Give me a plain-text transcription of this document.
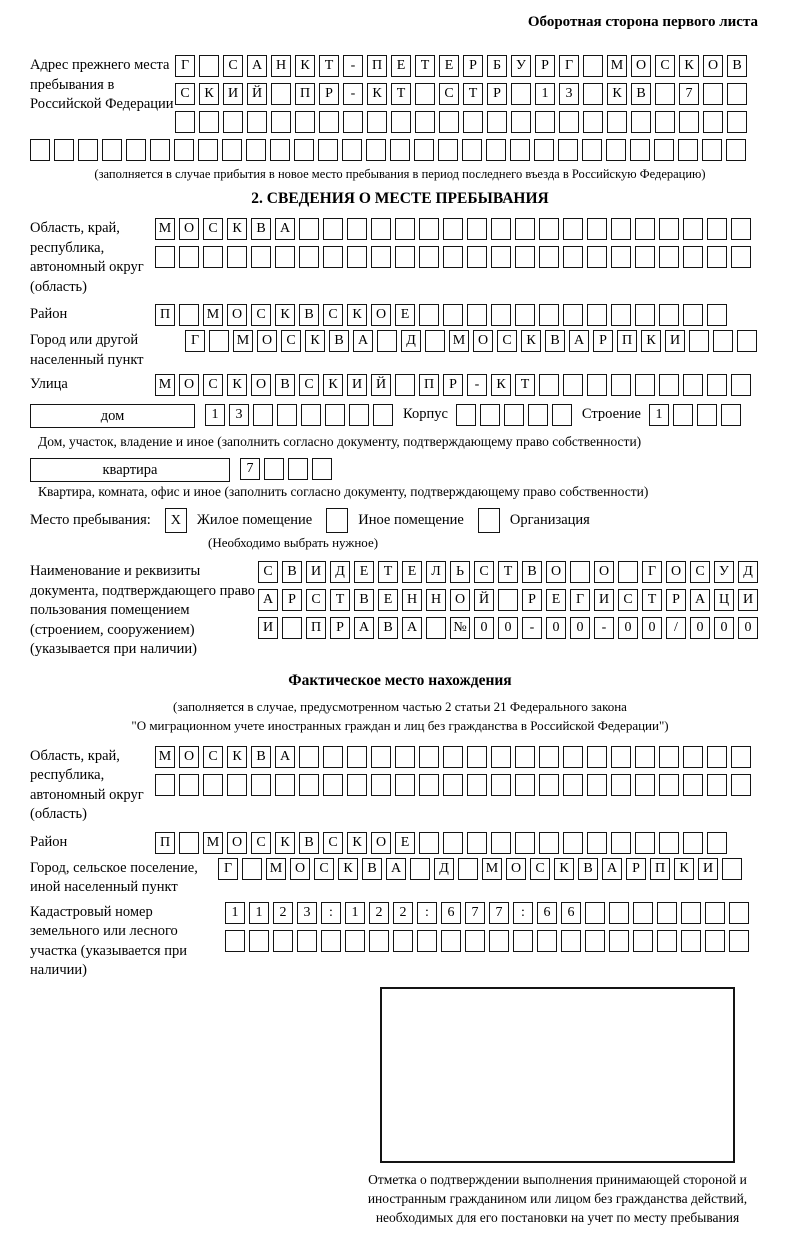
Оборотная сторона первого листа
Адрес прежнего места пребывания в Российской Федерации
Г	С	А Н	К	Т	-	П	Е	Т	Е	Р	Б	У	Р	Г	М О	С	К	О	В
С	К	И Й	П	Р	-	К	Т	С	Т	Р	1	3	К	В	7
(заполняется в случае прибытия в новое место пребывания в период последнего въезда в Российскую Федерацию)
2. СВЕДЕНИЯ О МЕСТЕ ПРЕБЫВАНИЯ
Область, край, республика, автономный округ (область)
М О	С	К	В	А
Район	П	М О	С	К	В	С	К	О	Е
Город или другой населенный пункт
Г	М О	С	К	В	А	Д	М О	С	К	В	А	Р	П	К	И
Улица	М О	С	К	О	В	С	К	И Й	П	Р	-	К	Т
дом	1	3	Корпус	Строение	1
Дом, участок, владение и иное (заполнить согласно документу, подтверждающему право собственности)
квартира	7
Квартира, комната, офис и иное (заполнить согласно документу, подтверждающему право собственности)
Место пребывания:	X	Жилое помещение	Иное помещение	Организация
(Необходимо выбрать нужное)
Наименование и реквизиты документа, подтверждающего право пользования помещением (строением, сооружением) (указывается при наличии)
С	В	И	Д	Е	Т	Е	Л	Ь	С	Т	В	О	О	Г	О	С	У	Д
А	Р	С	Т	В	Е	Н Н О Й	Р	Е	Г	И	С	Т	Р	А Ц И
И	П	Р	А	В	А	№ 0	0	-	0	0	-	0	0	/	0	0	0
Фактическое место нахождения
(заполняется в случае, предусмотренном частью 2 статьи 21 Федерального закона
"О миграционном учете иностранных граждан и лиц без гражданства в Российской Федерации")
Область, край, республика, автономный округ (область)
М О	С	К	В	А
Район	П	М О	С	К	В	С	К	О	Е
Город, сельское поселение, иной населенный пункт
Г	М О	С	К	В	А	Д	М О	С	К	В	А	Р	П	К	И
Кадастровый номер земельного или лесного участка (указывается при наличии)
1	1	2	3	:	1	2	2	:	6	7	7	:	6	6
Отметка о подтверждении выполнения принимающей стороной и иностранным гражданином или лицом без гражданства действий, необходимых для его постановки на учет по месту пребывания
